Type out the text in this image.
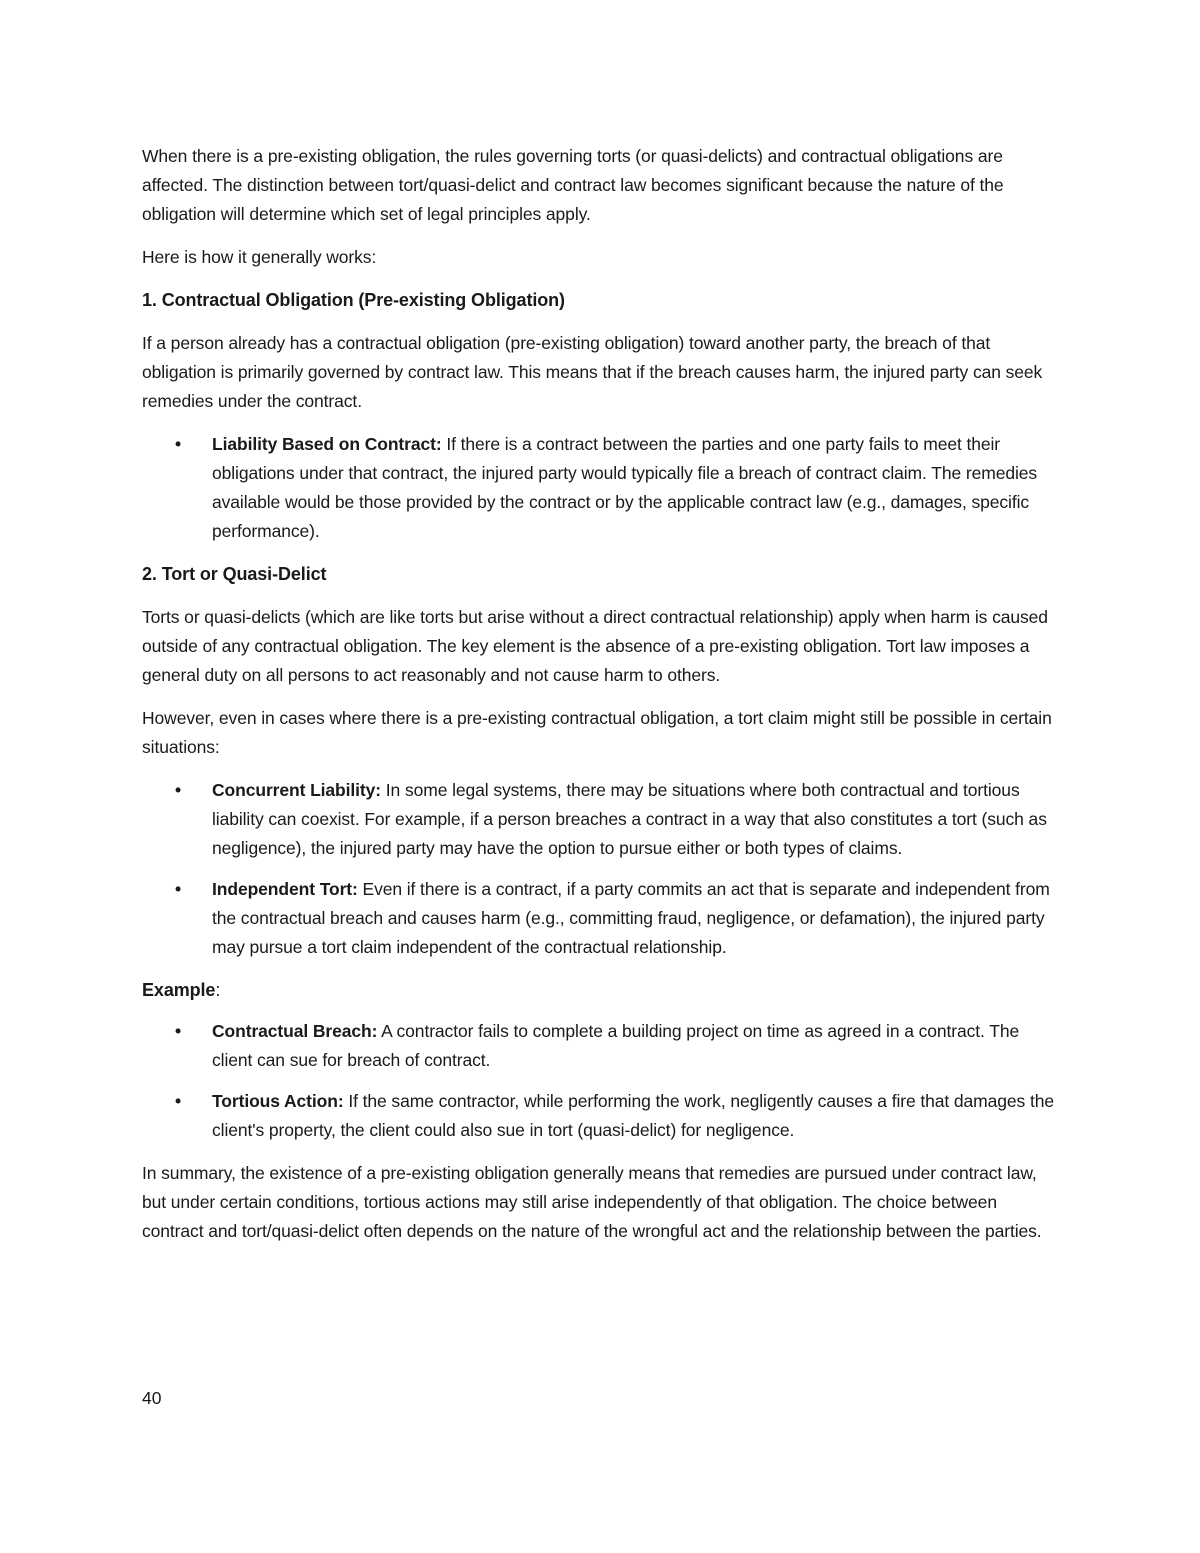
When there is a pre-existing obligation, the rules governing torts (or quasi-delicts) and contractual obligations are affected. The distinction between tort/quasi-delict and contract law becomes significant because the nature of the obligation will determine which set of legal principles apply.

Here is how it generally works:

1. Contractual Obligation (Pre-existing Obligation)

If a person already has a contractual obligation (pre-existing obligation) toward another party, the breach of that obligation is primarily governed by contract law. This means that if the breach causes harm, the injured party can seek remedies under the contract.

• Liability Based on Contract: If there is a contract between the parties and one party fails to meet their obligations under that contract, the injured party would typically file a breach of contract claim. The remedies available would be those provided by the contract or by the applicable contract law (e.g., damages, specific performance).
2. Tort or Quasi-Delict

Torts or quasi-delicts (which are like torts but arise without a direct contractual relationship) apply when harm is caused outside of any contractual obligation. The key element is the absence of a pre-existing obligation. Tort law imposes a general duty on all persons to act reasonably and not cause harm to others.

However, even in cases where there is a pre-existing contractual obligation, a tort claim might still be possible in certain situations:

• Concurrent Liability: In some legal systems, there may be situations where both contractual and tortious liability can coexist. For example, if a person breaches a contract in a way that also constitutes a tort (such as negligence), the injured party may have the option to pursue either or both types of claims.
• Independent Tort: Even if there is a contract, if a party commits an act that is separate and independent from the contractual breach and causes harm (e.g., committing fraud, negligence, or defamation), the injured party may pursue a tort claim independent of the contractual relationship.
Example:
• Contractual Breach: A contractor fails to complete a building project on time as agreed in a contract. The client can sue for breach of contract.
• Tortious Action: If the same contractor, while performing the work, negligently causes a fire that damages the client's property, the client could also sue in tort (quasi-delict) for negligence.

In summary, the existence of a pre-existing obligation generally means that remedies are pursued under contract law, but under certain conditions, tortious actions may still arise independently of that obligation. The choice between contract and tort/quasi-delict often depends on the nature of the wrongful act and the relationship between the parties.

40
